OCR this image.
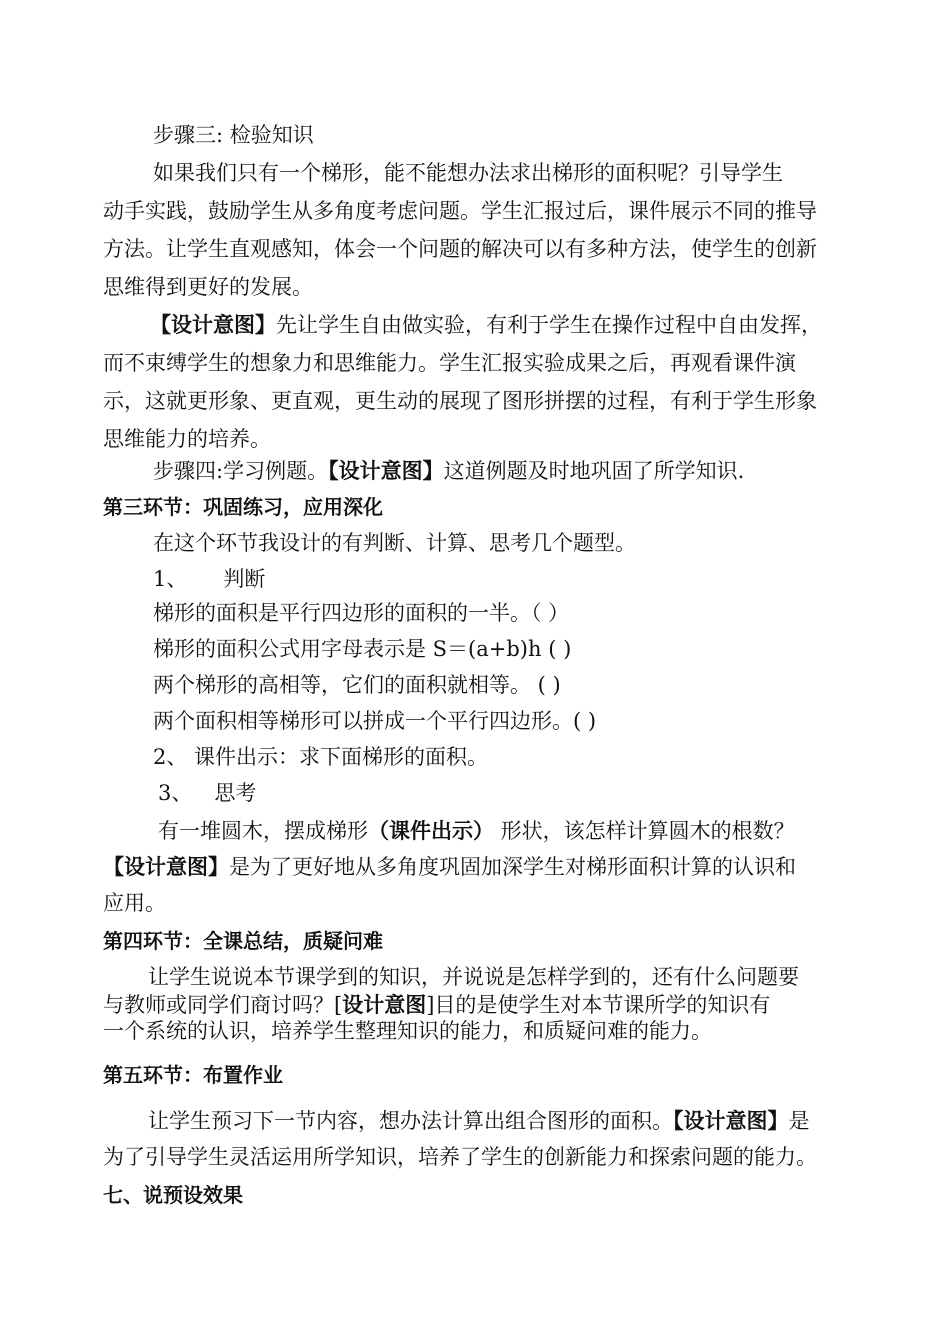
步骤三: 检验知识
如果我们只有一个梯形，能不能想办法求出梯形的面积呢？引导学生
动手实践，鼓励学生从多角度考虑问题。学生汇报过后，课件展示不同的推导
方法。让学生直观感知，体会一个问题的解决可以有多种方法，使学生的创新
思维得到更好的发展。
【设计意图】先让学生自由做实验，有利于学生在操作过程中自由发挥，
而不束缚学生的想象力和思维能力。学生汇报实验成果之后，再观看课件演
示，这就更形象、更直观，更生动的展现了图形拼摆的过程，有利于学生形象
思维能力的培养。
步骤四:学习例题。【设计意图】这道例题及时地巩固了所学知识.
第三环节：巩固练习，应用深化
在这个环节我设计的有判断、计算、思考几个题型。
1、 判断
梯形的面积是平行四边形的面积的一半。（ ）
梯形的面积公式用字母表示是 S＝(a+b)h ( )
两个梯形的高相等，它们的面积就相等。 ( )
两个面积相等梯形可以拼成一个平行四边形。( )
2、 课件出示：求下面梯形的面积。
3、 思考
有一堆圆木，摆成梯形（课件出示） 形状，该怎样计算圆木的根数？
【设计意图】是为了更好地从多角度巩固加深学生对梯形面积计算的认识和
应用。
第四环节：全课总结，质疑问难
让学生说说本节课学到的知识，并说说是怎样学到的，还有什么问题要
与教师或同学们商讨吗？[设计意图]目的是使学生对本节课所学的知识有
一个系统的认识，培养学生整理知识的能力，和质疑问难的能力。
第五环节：布置作业
让学生预习下一节内容，想办法计算出组合图形的面积。【设计意图】是
为了引导学生灵活运用所学知识，培养了学生的创新能力和探索问题的能力。
七、说预设效果
